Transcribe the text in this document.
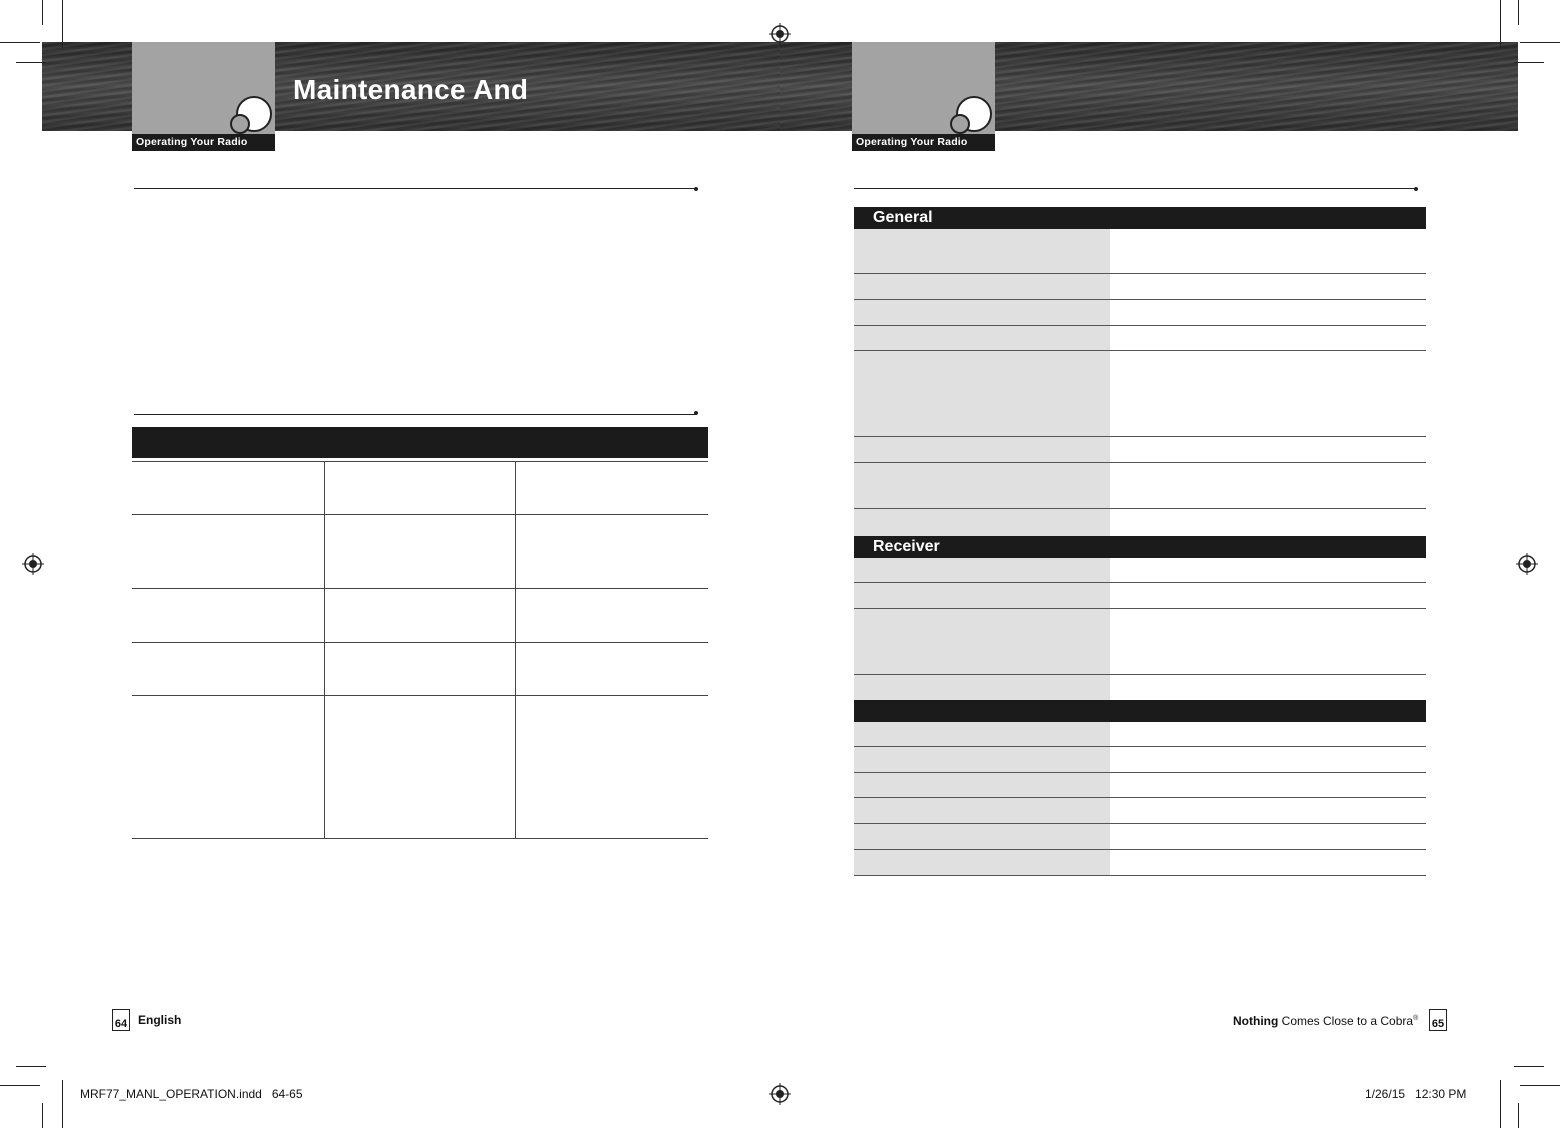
Operating Your Radio
Maintenance And
Operating Your Radio
General
Receiver
64 English	Nothing Comes Close to a Cobra® 65
MRF77_MANL_OPERATION.indd   64-65	1/26/15   12:30 PM
